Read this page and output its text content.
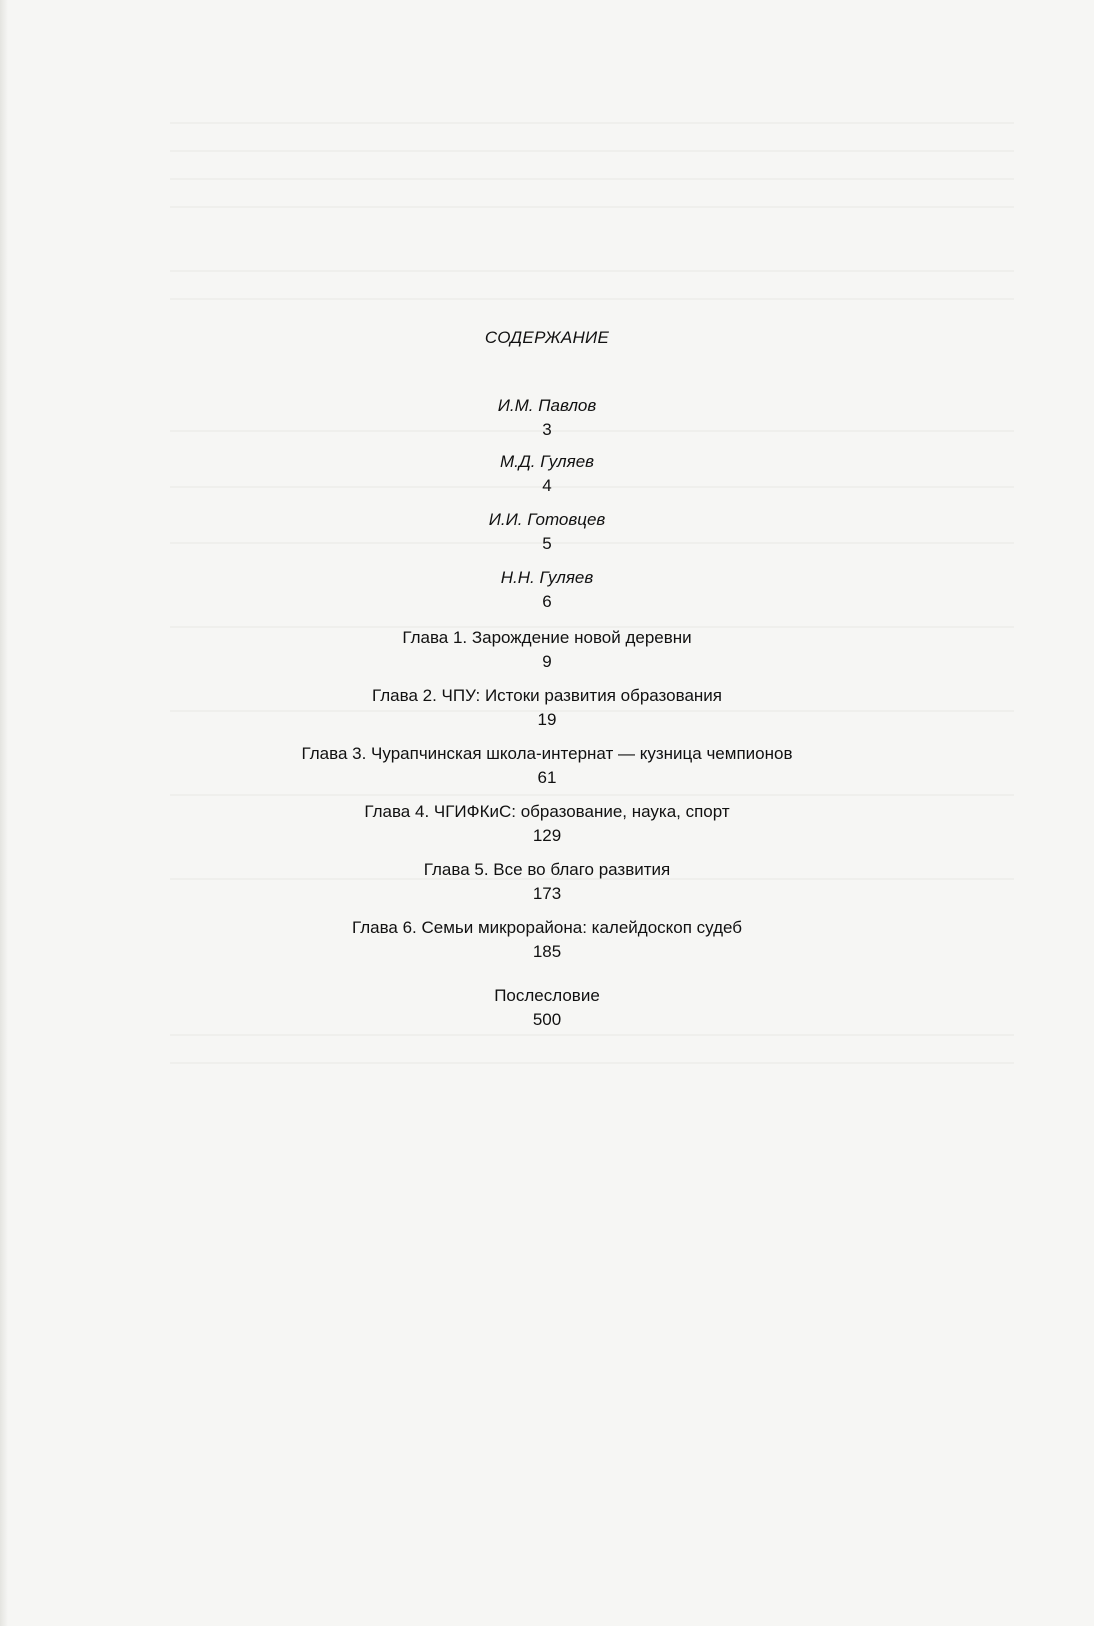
СОДЕРЖАНИЕ
И.М. Павлов
3
М.Д. Гуляев
4
И.И. Готовцев
5
Н.Н. Гуляев
6
Глава 1. Зарождение новой деревни
9
Глава 2. ЧПУ: Истоки развития образования
19
Глава 3. Чурапчинская школа-интернат — кузница чемпионов
61
Глава 4. ЧГИФКиС: образование, наука, спорт
129
Глава 5. Все во благо развития
173
Глава 6. Семьи микрорайона: калейдоскоп судеб
185
Послесловие
500
